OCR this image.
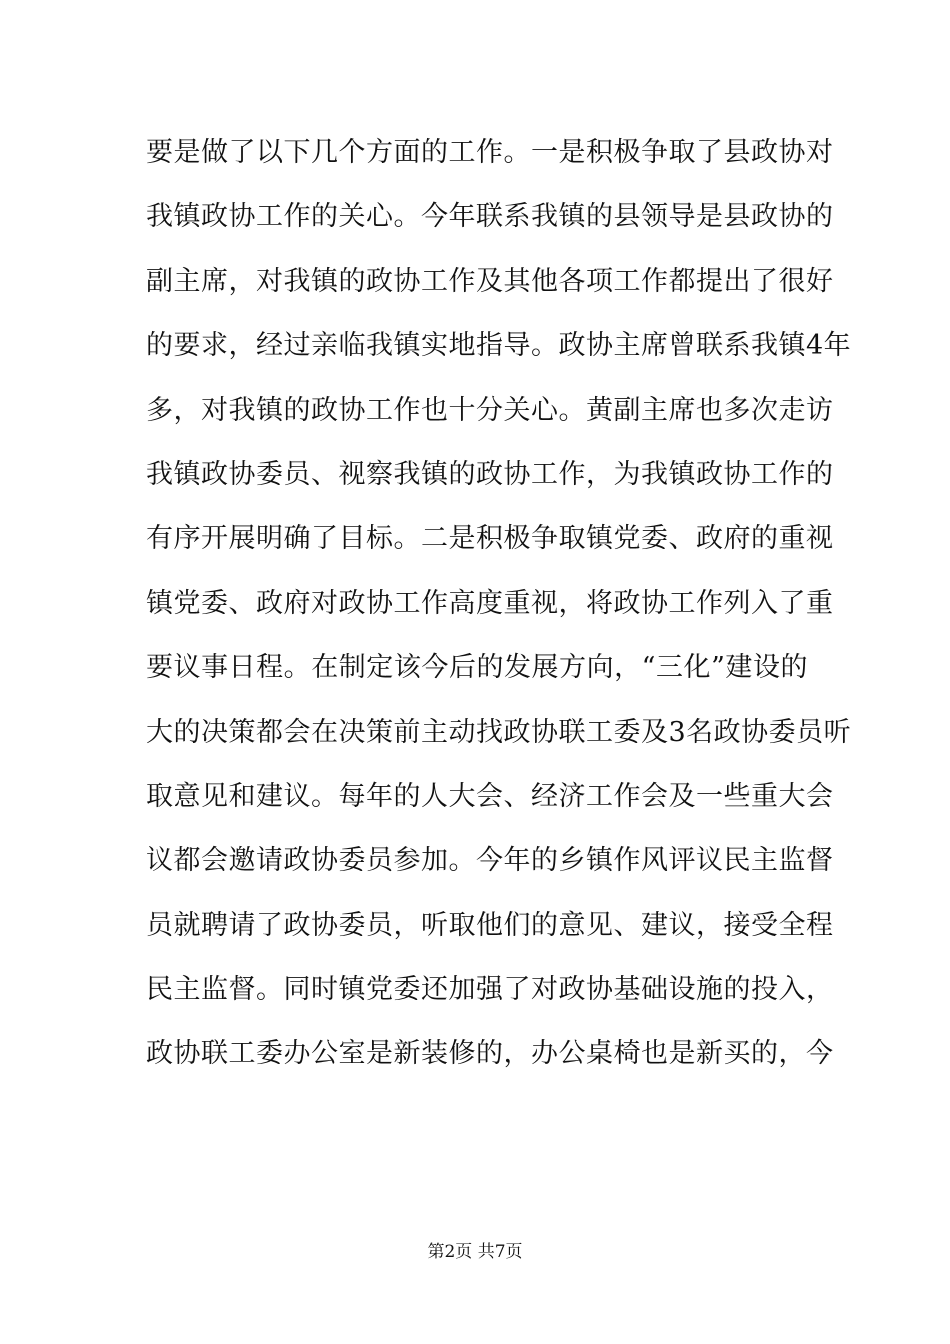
要是做了以下几个方面的工作。一是积极争取了县政协对
我镇政协工作的关心。今年联系我镇的县领导是县政协的
副主席，对我镇的政协工作及其他各项工作都提出了很好
的要求，经过亲临我镇实地指导。政协主席曾联系我镇4年
多，对我镇的政协工作也十分关心。黄副主席也多次走访
我镇政协委员、视察我镇的政协工作，为我镇政协工作的
有序开展明确了目标。二是积极争取镇党委、政府的重视
镇党委、政府对政协工作高度重视，将政协工作列入了重
要议事日程。在制定该今后的发展方向，“三化”建设的
大的决策都会在决策前主动找政协联工委及3名政协委员听
取意见和建议。每年的人大会、经济工作会及一些重大会
议都会邀请政协委员参加。今年的乡镇作风评议民主监督
员就聘请了政协委员，听取他们的意见、建议，接受全程
民主监督。同时镇党委还加强了对政协基础设施的投入，
政协联工委办公室是新装修的，办公桌椅也是新买的，今
第2页 共7页
